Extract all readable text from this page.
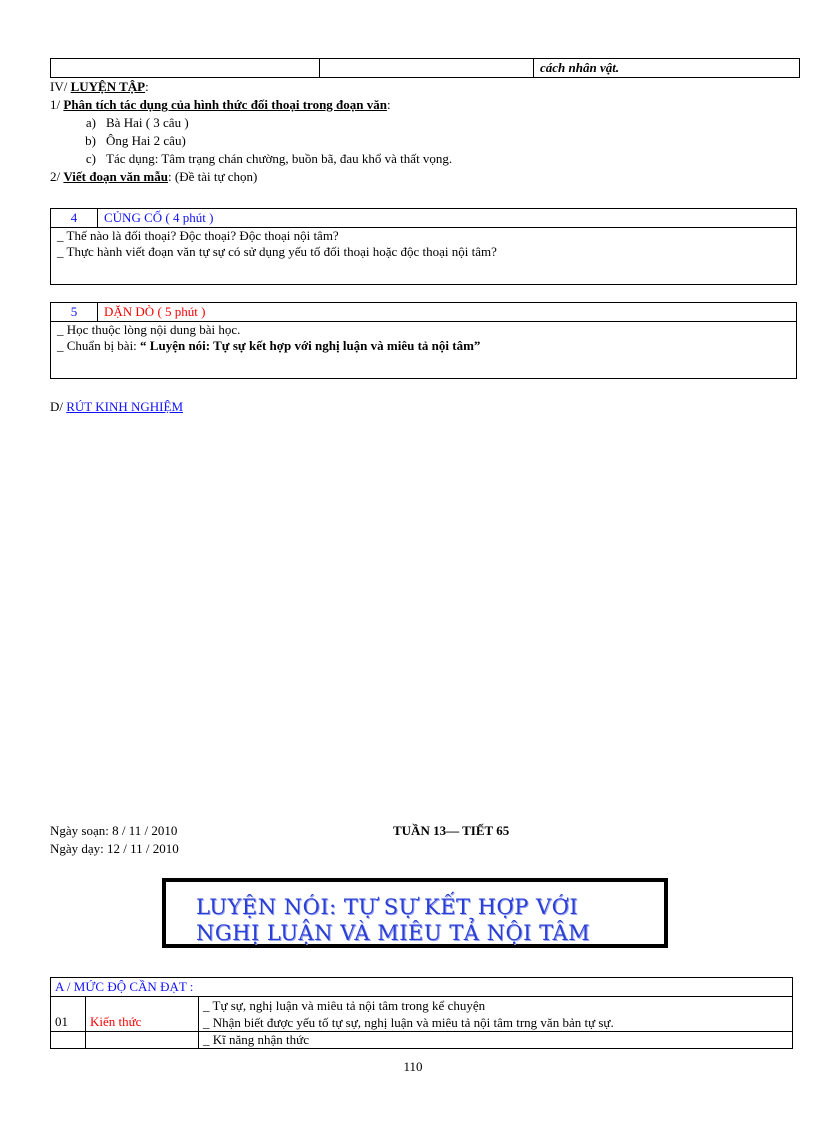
		cách nhân vật.
IV/ LUYỆN TẬP:
1/ Phân tích tác dụng của hình thức đối thoại trong đoạn văn:
a) Bà Hai ( 3 câu )
b) Ông Hai 2 câu)
c) Tác dụng: Tâm trạng chán chường, buồn bã, đau khổ và thất vọng.
2/ Viết đoạn văn mẫu: (Đề tài tự chọn)
4	CỦNG CỐ ( 4 phút )
_ Thế nào là đối thoại? Độc thoại? Độc thoại nội tâm?
_ Thực hành viết đoạn văn tự sự có sử dụng yếu tố đối thoại hoặc độc thoại nội tâm?
5	DẶN DÒ ( 5 phút )
_ Học thuộc lòng nội dung bài học.
_ Chuẩn bị bài: “ Luyện nói: Tự sự kết hợp với nghị luận và miêu tả nội tâm”
D/ RÚT KINH NGHIỆM
Ngày soạn: 8 / 11 / 2010
Ngày dạy: 12 / 11 / 2010
TUẦN 13— TIẾT 65
LUYỆN NÓI: TỰ SỰ KẾT HỢP VỚI
NGHỊ LUẬN VÀ MIÊU TẢ NỘI TÂM
A / MỨC ĐỘ CẦN ĐẠT :		
01	Kiến thức	_ Tự sự, nghị luận và miêu tả nội tâm trong kể chuyện
_ Nhận biết được yếu tố tự sự, nghị luận và miêu tả nội tâm trng văn bản tự sự.

		_ Kĩ năng nhận thức
110
